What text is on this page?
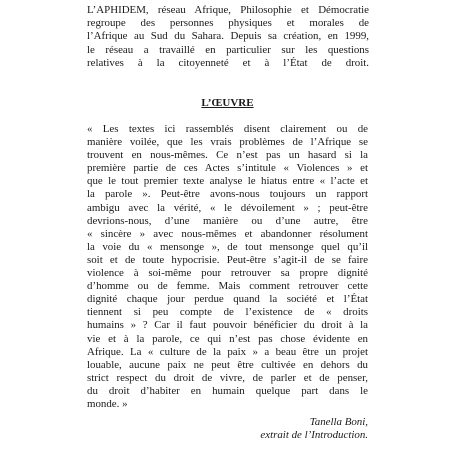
L’APHIDEM, réseau Afrique, Philosophie et Démocratie
regroupe des personnes physiques et morales de
l’Afrique au Sud du Sahara. Depuis sa création, en 1999,
le réseau a travaillé en particulier sur les questions
relatives à la citoyenneté et à l’État de droit.
L’ŒUVRE
« Les textes ici rassemblés disent clairement ou de
manière voilée, que les vrais problèmes de l’Afrique se
trouvent en nous-mêmes. Ce n’est pas un hasard si la
première partie de ces Actes s’intitule « Violences » et
que le tout premier texte analyse le hiatus entre « l’acte et
la parole ». Peut-être avons-nous toujours un rapport
ambigu avec la vérité, « le dévoilement » ; peut-être
devrions-nous, d’une manière ou d’une autre, être
« sincère » avec nous-mêmes et abandonner résolument
la voie du « mensonge », de tout mensonge quel qu’il
soit et de toute hypocrisie. Peut-être s’agit-il de se faire
violence à soi-même pour retrouver sa propre dignité
d’homme ou de femme. Mais comment retrouver cette
dignité chaque jour perdue quand la société et l’État
tiennent si peu compte de l’existence de « droits
humains » ? Car il faut pouvoir bénéficier du droit à la
vie et à la parole, ce qui n’est pas chose évidente en
Afrique. La « culture de la paix » a beau être un projet
louable, aucune paix ne peut être cultivée en dehors du
strict respect du droit de vivre, de parler et de penser,
du droit d’habiter en humain quelque part dans le
monde. »
Tanella Boni,
extrait de l’Introduction.
